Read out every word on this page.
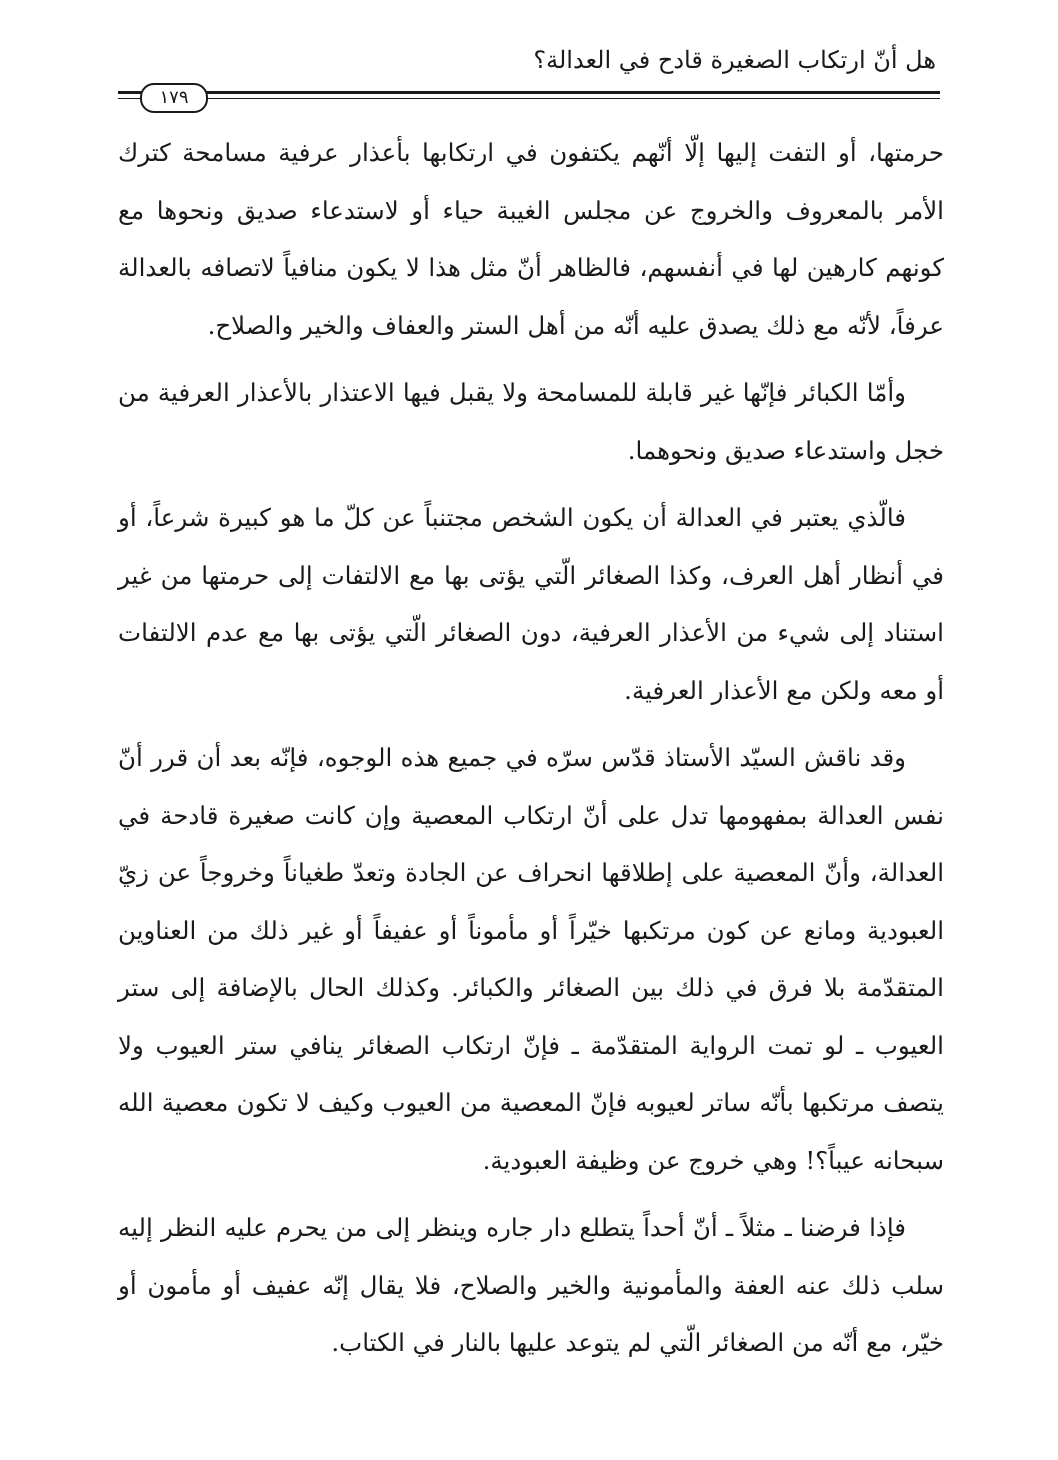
هل أنّ ارتكاب الصغيرة قادح في العدالة؟
١٧٩

حرمتها، أو التفت إليها إلّا أنّهم يكتفون في ارتكابها بأعذار عرفية مسامحة كترك الأمر بالمعروف والخروج عن مجلس الغيبة حياء أو لاستدعاء صديق ونحوها مع كونهم كارهين لها في أنفسهم، فالظاهر أنّ مثل هذا لا يكون منافياً لاتصافه بالعدالة عرفاً، لأنّه مع ذلك يصدق عليه أنّه من أهل الستر والعفاف والخير والصلاح.

وأمّا الكبائر فإنّها غير قابلة للمسامحة ولا يقبل فيها الاعتذار بالأعذار العرفية من خجل واستدعاء صديق ونحوهما.

فالّذي يعتبر في العدالة أن يكون الشخص مجتنباً عن كلّ ما هو كبيرة شرعاً، أو في أنظار أهل العرف، وكذا الصغائر الّتي يؤتى بها مع الالتفات إلى حرمتها من غير استناد إلى شيء من الأعذار العرفية، دون الصغائر الّتي يؤتى بها مع عدم الالتفات أو معه ولكن مع الأعذار العرفية.

وقد ناقش السيّد الأستاذ قدّس سرّه في جميع هذه الوجوه، فإنّه بعد أن قرر أنّ نفس العدالة بمفهومها تدل على أنّ ارتكاب المعصية وإن كانت صغيرة قادحة في العدالة، وأنّ المعصية على إطلاقها انحراف عن الجادة وتعدّ طغياناً وخروجاً عن زيّ العبودية ومانع عن كون مرتكبها خيّراً أو مأموناً أو عفيفاً أو غير ذلك من العناوين المتقدّمة بلا فرق في ذلك بين الصغائر والكبائر. وكذلك الحال بالإضافة إلى ستر العيوب ـ لو تمت الرواية المتقدّمة ـ فإنّ ارتكاب الصغائر ينافي ستر العيوب ولا يتصف مرتكبها بأنّه ساتر لعيوبه فإنّ المعصية من العيوب وكيف لا تكون معصية الله سبحانه عيباً؟! وهي خروج عن وظيفة العبودية.

فإذا فرضنا ـ مثلاً ـ أنّ أحداً يتطلع دار جاره وينظر إلى من يحرم عليه النظر إليه سلب ذلك عنه العفة والمأمونية والخير والصلاح، فلا يقال إنّه عفيف أو مأمون أو خيّر، مع أنّه من الصغائر الّتي لم يتوعد عليها بالنار في الكتاب.
